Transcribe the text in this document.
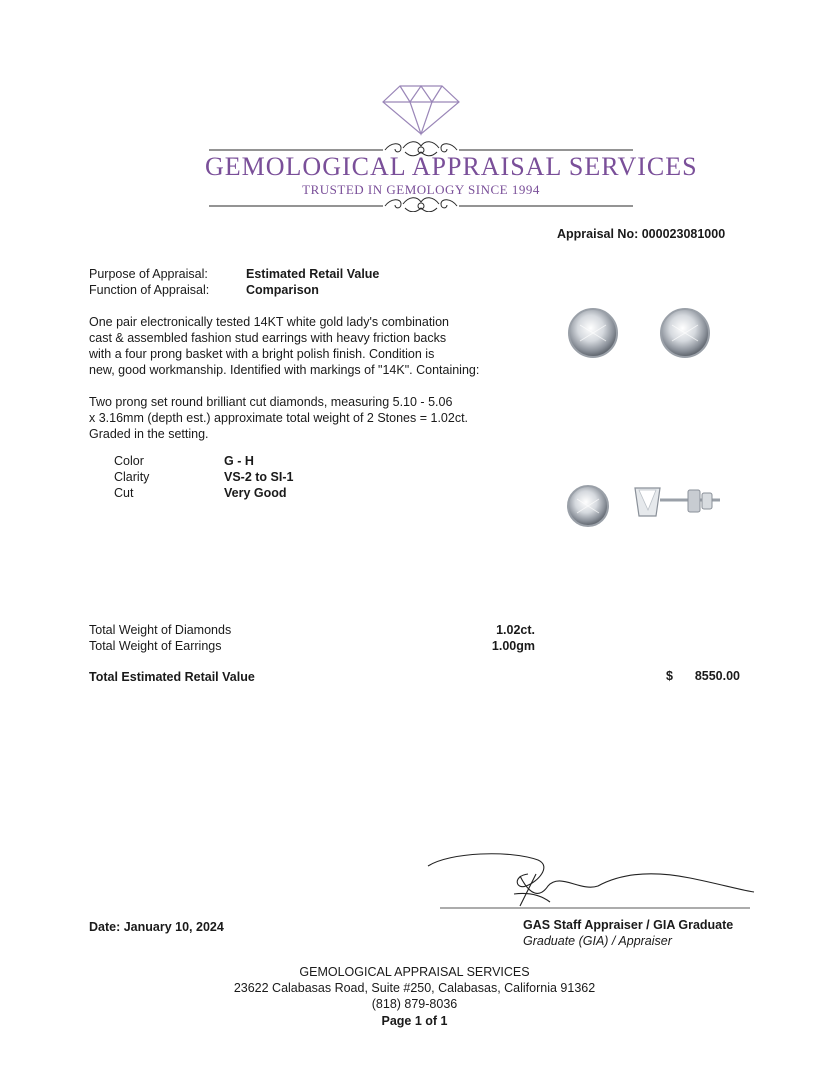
GEMOLOGICAL APPRAISAL SERVICES
TRUSTED IN GEMOLOGY SINCE 1994
Appraisal No: 000023081000
Purpose of Appraisal:	Estimated Retail Value
Function of Appraisal:	Comparison
One pair electronically tested 14KT white gold lady's combination
cast & assembled fashion stud earrings with heavy friction backs
with a four prong basket with a bright polish finish. Condition is
new, good workmanship. Identified with markings of "14K". Containing:
Two prong set round brilliant cut diamonds, measuring 5.10 - 5.06
x 3.16mm (depth est.) approximate total weight of 2 Stones = 1.02ct.
Graded in the setting.
Color	G - H
Clarity	VS-2 to SI-1
Cut	Very Good
Total Weight of Diamonds	1.02ct.
Total Weight of Earrings	1.00gm
Total Estimated Retail Value	$	8550.00
Date: January 10, 2024	GAS Staff Appraiser / GIA Graduate
Graduate (GIA) / Appraiser
GEMOLOGICAL APPRAISAL SERVICES
23622 Calabasas Road, Suite #250, Calabasas, California 91362
(818) 879-8036
Page 1 of 1
